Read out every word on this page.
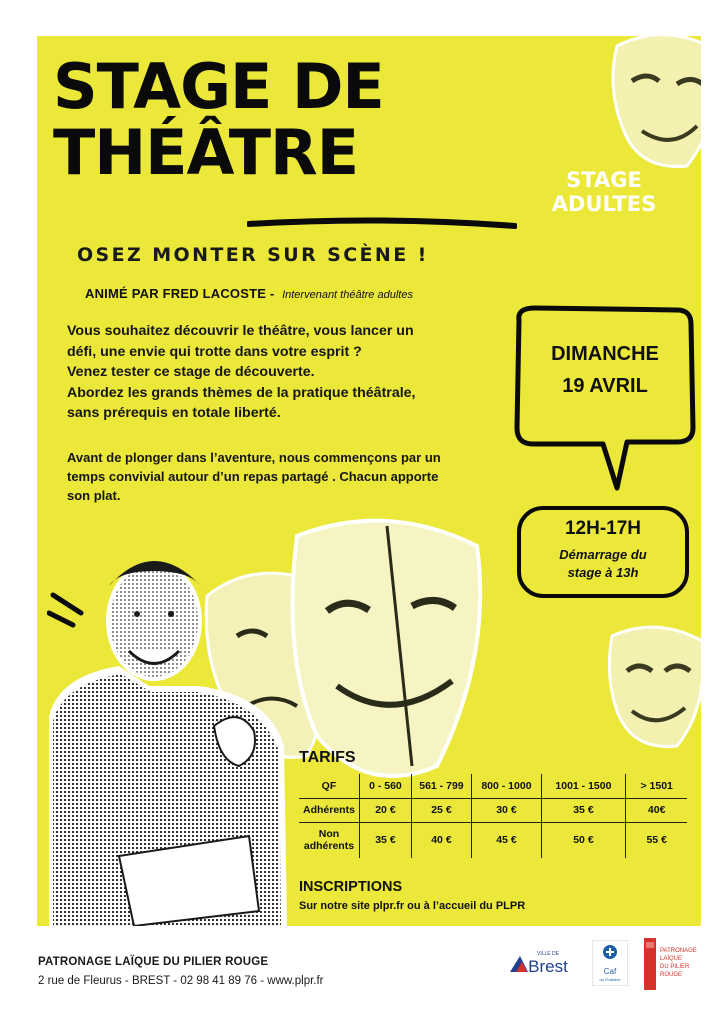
STAGE DE
THÉÂTRE	STAGE
ADULTES
OSEZ MONTER SUR SCÈNE !
ANIMÉ PAR FRED LACOSTE - Intervenant théâtre adultes

Vous souhaitez découvrir le théâtre, vous lancer un

défi, une envie qui trotte dans votre esprit ?

Venez tester ce stage de découverte.

Abordez les grands thèmes de la pratique théâtrale,

sans prérequis en totale liberté.

Avant de plonger dans l’aventure, nous commençons par un

temps convivial autour d’un repas partagé . Chacun apporte

son plat.

DIMANCHE
19 AVRIL
12H-17H
Démarrage du
stage à 13h
TARIFS
QF	0 - 560	561 - 799	800 - 1000	1001 - 1500	> 1501
Adhérents	20 €	25 €	30 €	35 €	40€

Non
adhérents	35 €	40 €	45 €	50 €	55 €
INSCRIPTIONS
Sur notre site plpr.fr ou à l’accueil du PLPR
PATRONAGE LAÏQUE DU PILIER ROUGE
2 rue de Fleurus - BREST - 02 98 41 89 76 - www.plpr.fr
VILLE DE
Brest	Caf
du Finistère
PATRONAGE
LAÏQUE
DU PILIER
ROUGE
